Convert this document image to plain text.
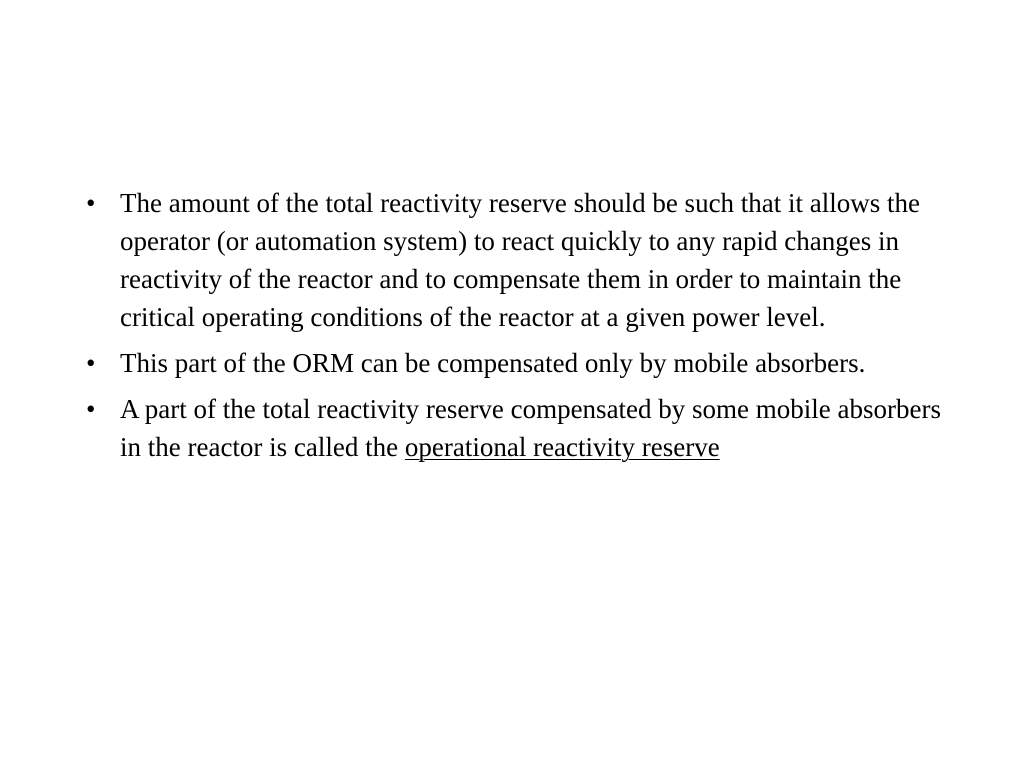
• The amount of the total reactivity reserve should be such that it allows the operator (or automation system) to react quickly to any rapid changes in reactivity of the reactor and to compensate them in order to maintain the critical operating conditions of the reactor at a given power level.
• This part of the ORM can be compensated only by mobile absorbers.
• A part of the total reactivity reserve compensated by some mobile absorbers in the reactor is called the operational reactivity reserve
